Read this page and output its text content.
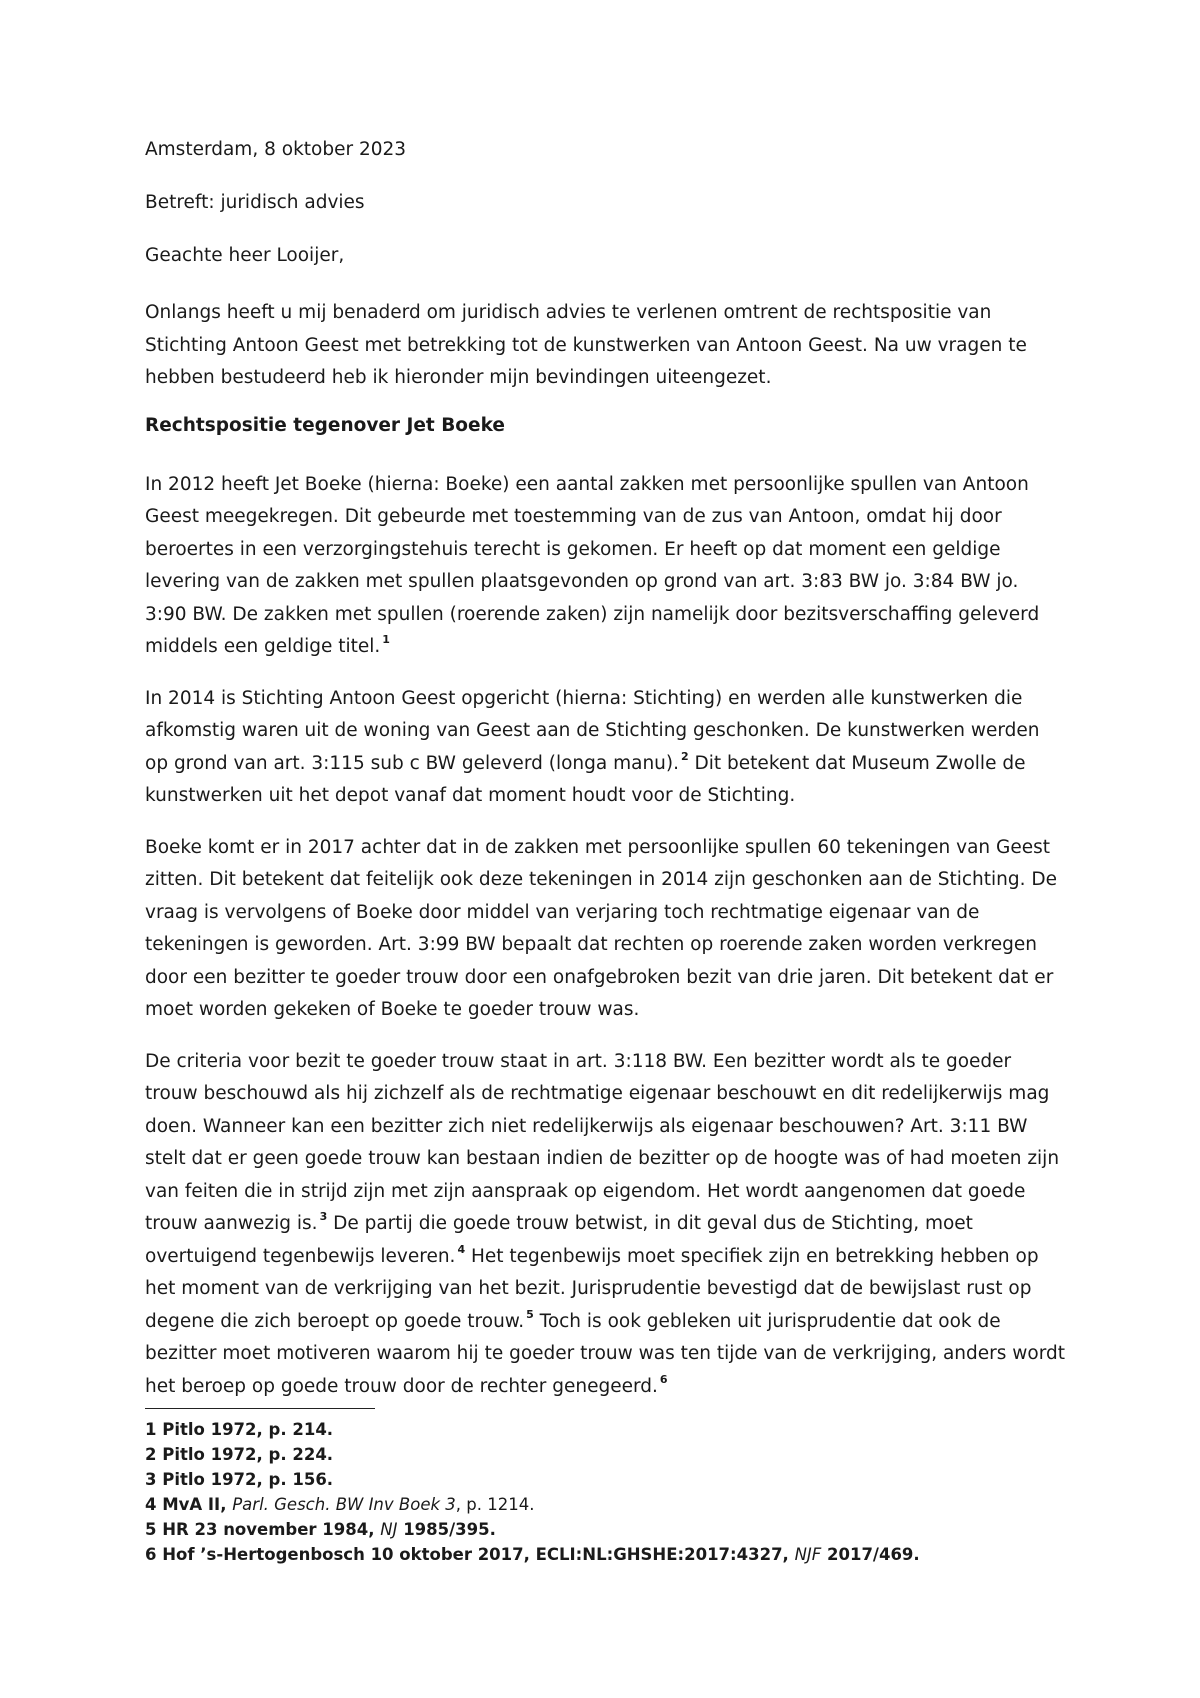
Amsterdam, 8 oktober 2023

Betreft: juridisch advies

Geachte heer Looijer,

Onlangs heeft u mij benaderd om juridisch advies te verlenen omtrent de rechtspositie van Stichting Antoon Geest met betrekking tot de kunstwerken van Antoon Geest. Na uw vragen te hebben bestudeerd heb ik hieronder mijn bevindingen uiteengezet.

Rechtspositie tegenover Jet Boeke

In 2012 heeft Jet Boeke (hierna: Boeke) een aantal zakken met persoonlijke spullen van Antoon Geest meegekregen. Dit gebeurde met toestemming van de zus van Antoon, omdat hij door beroertes in een verzorgingstehuis terecht is gekomen. Er heeft op dat moment een geldige levering van de zakken met spullen plaatsgevonden op grond van art. 3:83 BW jo. 3:84 BW jo. 3:90 BW. De zakken met spullen (roerende zaken) zijn namelijk door bezitsverschaffing geleverd middels een geldige titel. $^1$

In 2014 is Stichting Antoon Geest opgericht (hierna: Stichting) en werden alle kunstwerken die afkomstig waren uit de woning van Geest aan de Stichting geschonken. De kunstwerken werden op grond van art. 3:115 sub c BW geleverd (longa manu). $^2$ Dit betekent dat Museum Zwolle de kunstwerken uit het depot vanaf dat moment houdt voor de Stichting.

Boeke komt er in 2017 achter dat in de zakken met persoonlijke spullen 60 tekeningen van Geest zitten. Dit betekent dat feitelijk ook deze tekeningen in 2014 zijn geschonken aan de Stichting. De vraag is vervolgens of Boeke door middel van verjaring toch rechtmatige eigenaar van de tekeningen is geworden. Art. 3:99 BW bepaalt dat rechten op roerende zaken worden verkregen door een bezitter te goeder trouw door een onafgebroken bezit van drie jaren. Dit betekent dat er moet worden gekeken of Boeke te goeder trouw was.

De criteria voor bezit te goeder trouw staat in art. 3:118 BW. Een bezitter wordt als te goeder trouw beschouwd als hij zichzelf als de rechtmatige eigenaar beschouwt en dit redelijkerwijs mag doen. Wanneer kan een bezitter zich niet redelijkerwijs als eigenaar beschouwen? Art. 3:11 BW stelt dat er geen goede trouw kan bestaan indien de bezitter op de hoogte was of had moeten zijn van feiten die in strijd zijn met zijn aanspraak op eigendom. Het wordt aangenomen dat goede trouw aanwezig is. $^3$ De partij die goede trouw betwist, in dit geval dus de Stichting, moet overtuigend tegenbewijs leveren. $^4$ Het tegenbewijs moet specifiek zijn en betrekking hebben op het moment van de verkrijging van het bezit. Jurisprudentie bevestigd dat de bewijslast rust op degene die zich beroept op goede trouw. $^5$ Toch is ook gebleken uit jurisprudentie dat ook de bezitter moet motiveren waarom hij te goeder trouw was ten tijde van de verkrijging, anders wordt het beroep op goede trouw door de rechter genegeerd. $^6$

1 Pitlo 1972, p. 214.

2 Pitlo 1972, p. 224.

3 Pitlo 1972, p. 156.

4 MvA II, Parl. Gesch. BW Inv Boek 3, p. 1214.

5 HR 23 november 1984, NJ 1985/395.

6 Hof ’s-Hertogenbosch 10 oktober 2017, ECLI:NL:GHSHE:2017:4327, NJF 2017/469.
